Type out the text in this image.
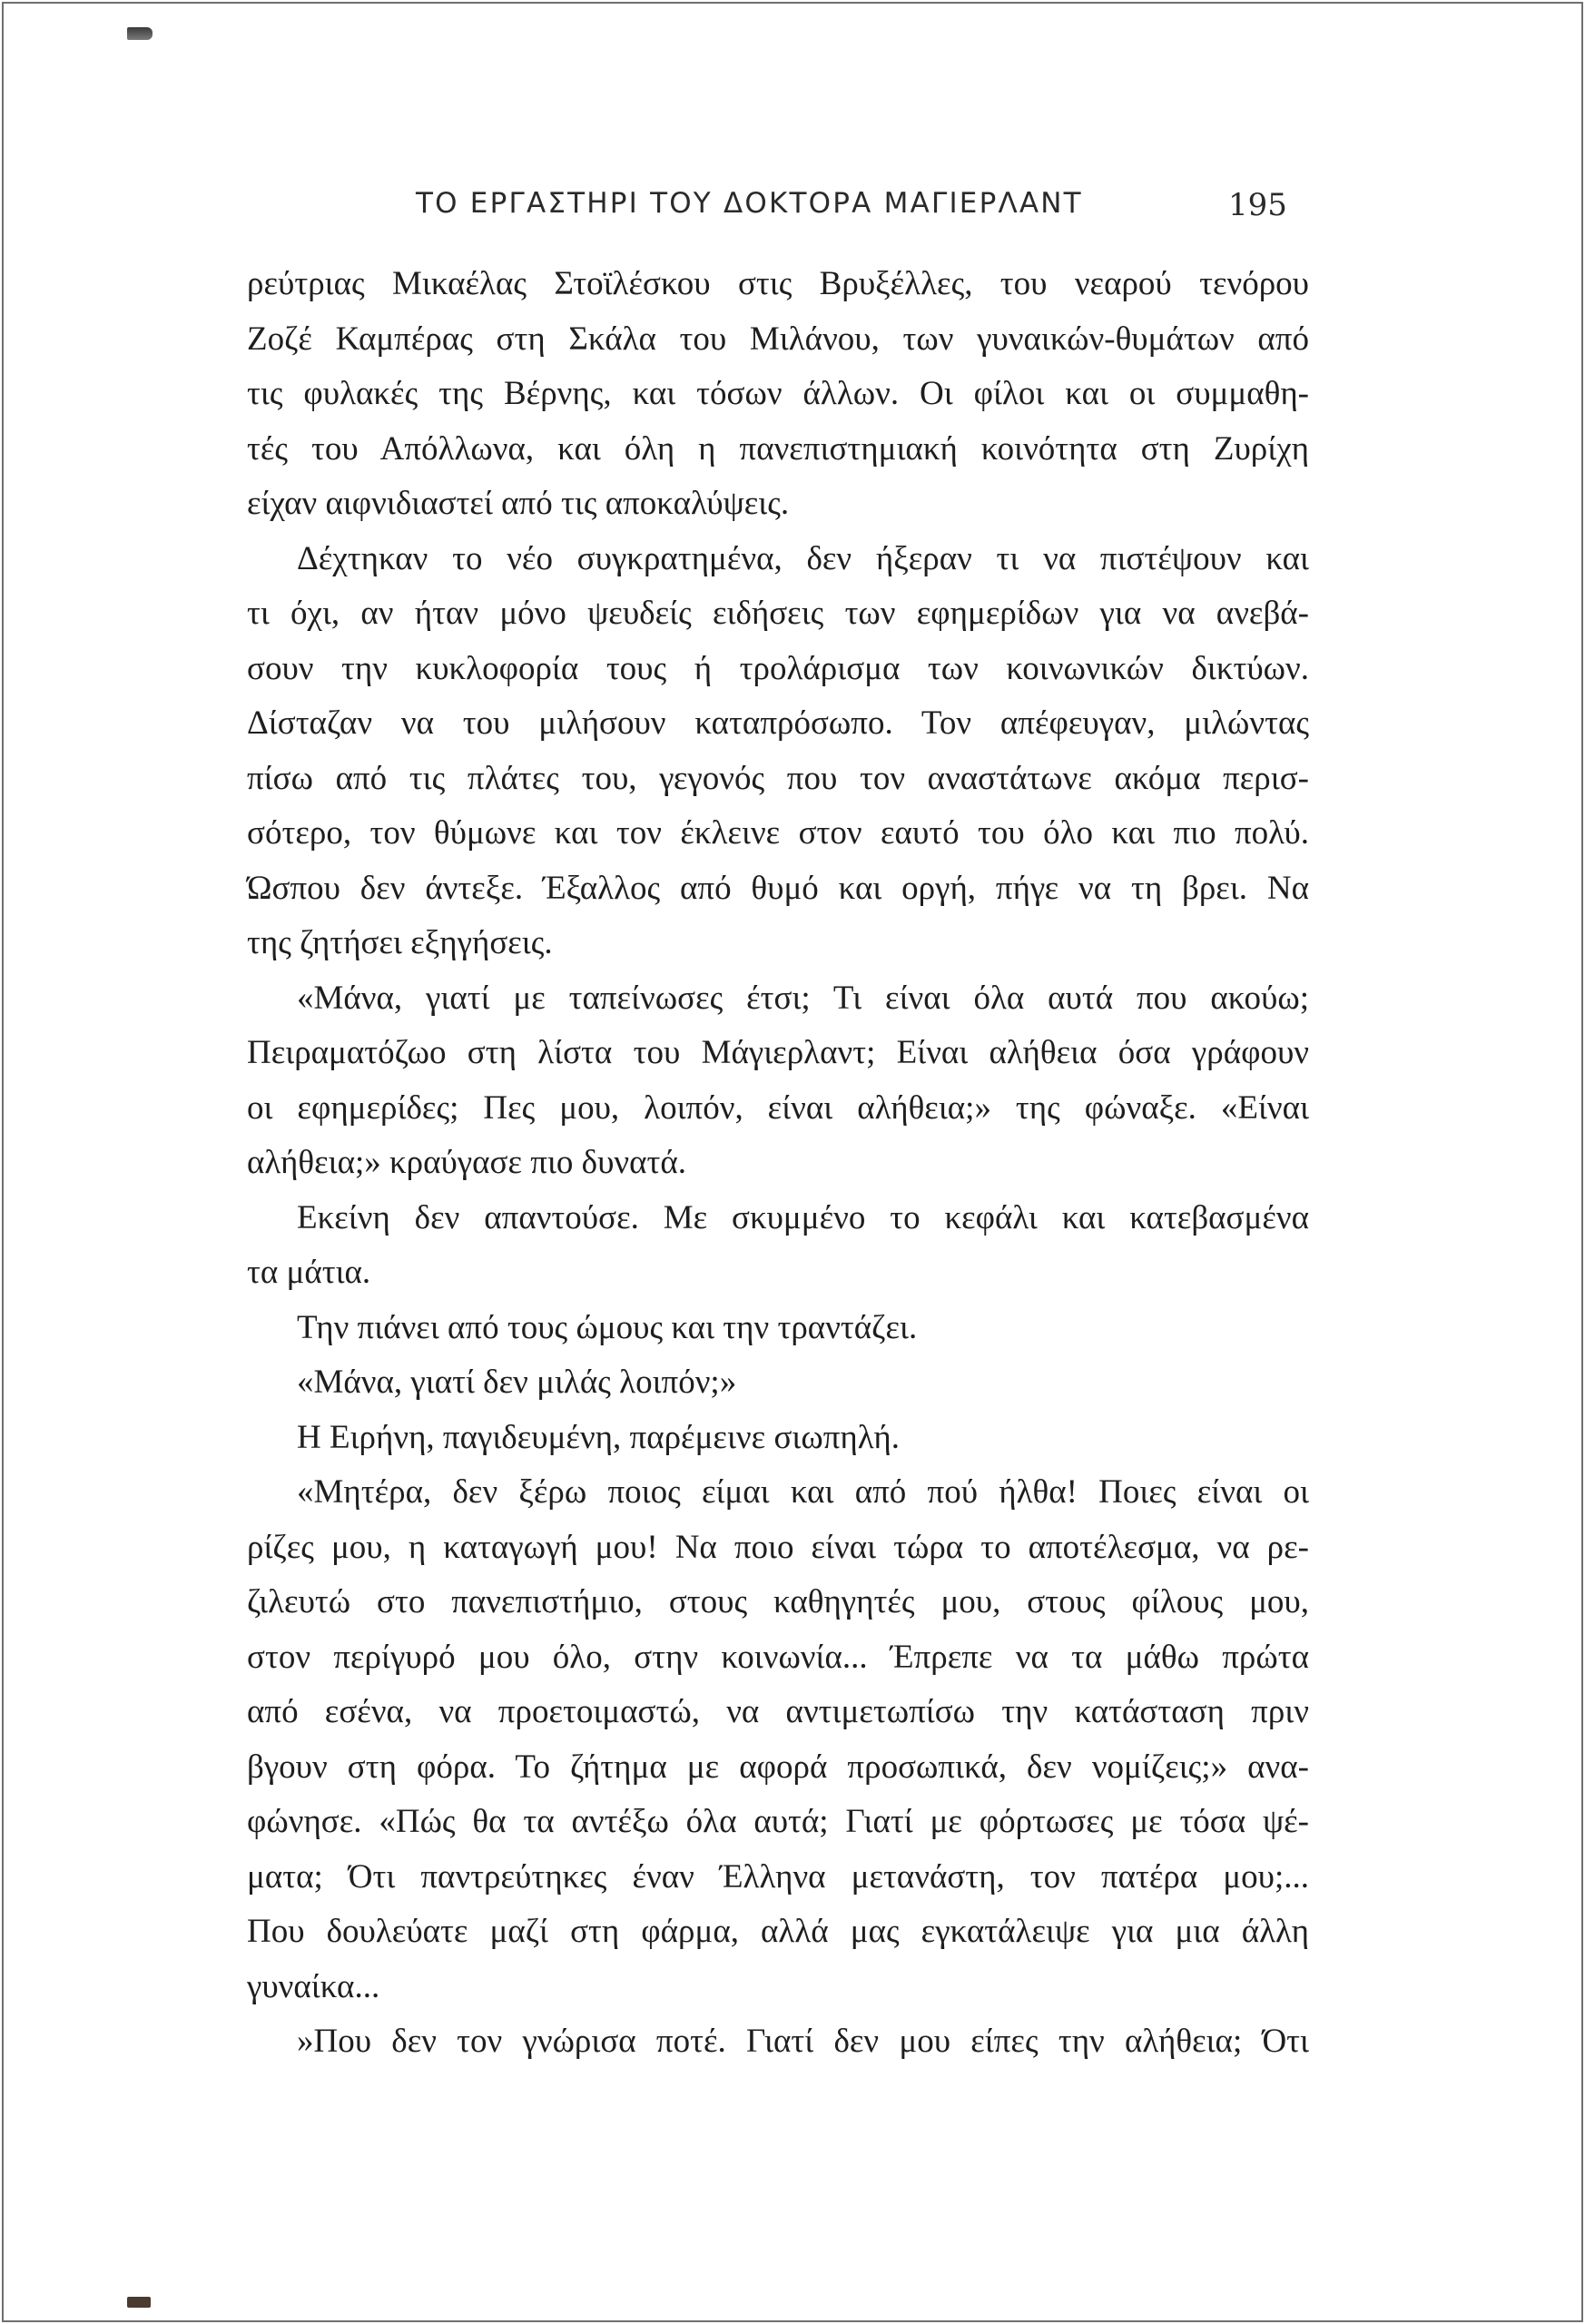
ΤΟ ΕΡΓΑΣΤΗΡΙ ΤΟΥ ΔΟΚΤΟΡΑ ΜΑΓΙΕΡΛΑΝΤ	195
ρεύτριας Μικαέλας Στοϊλέσκου στις Βρυξέλλες, του νεαρού τενόρου
Ζοζέ Καμπέρας στη Σκάλα του Μιλάνου, των γυναικών-θυμάτων από
τις φυλακές της Βέρνης, και τόσων άλλων. Οι φίλοι και οι συμμαθη-
τές του Απόλλωνα, και όλη η πανεπιστημιακή κοινότητα στη Ζυρίχη
είχαν αιφνιδιαστεί από τις αποκαλύψεις.
Δέχτηκαν το νέο συγκρατημένα, δεν ήξεραν τι να πιστέψουν και
τι όχι, αν ήταν μόνο ψευδείς ειδήσεις των εφημερίδων για να ανεβά-
σουν την κυκλοφορία τους ή τρολάρισμα των κοινωνικών δικτύων.
Δίσταζαν να του μιλήσουν καταπρόσωπο. Τον απέφευγαν, μιλώντας
πίσω από τις πλάτες του, γεγονός που τον αναστάτωνε ακόμα περισ-
σότερο, τον θύμωνε και τον έκλεινε στον εαυτό του όλο και πιο πολύ.
Ώσπου δεν άντεξε. Έξαλλος από θυμό και οργή, πήγε να τη βρει. Να
της ζητήσει εξηγήσεις.
«Μάνα, γιατί με ταπείνωσες έτσι; Τι είναι όλα αυτά που ακούω;
Πειραματόζωο στη λίστα του Μάγιερλαντ; Είναι αλήθεια όσα γράφουν
οι εφημερίδες; Πες μου, λοιπόν, είναι αλήθεια;» της φώναξε. «Είναι
αλήθεια;» κραύγασε πιο δυνατά.
Εκείνη δεν απαντούσε. Με σκυμμένο το κεφάλι και κατεβασμένα
τα μάτια.
Την πιάνει από τους ώμους και την τραντάζει.
«Μάνα, γιατί δεν μιλάς λοιπόν;»
Η Ειρήνη, παγιδευμένη, παρέμεινε σιωπηλή.
«Μητέρα, δεν ξέρω ποιος είμαι και από πού ήλθα! Ποιες είναι οι
ρίζες μου, η καταγωγή μου! Να ποιο είναι τώρα το αποτέλεσμα, να ρε-
ζιλευτώ στο πανεπιστήμιο, στους καθηγητές μου, στους φίλους μου,
στον περίγυρό μου όλο, στην κοινωνία... Έπρεπε να τα μάθω πρώτα
από εσένα, να προετοιμαστώ, να αντιμετωπίσω την κατάσταση πριν
βγουν στη φόρα. Το ζήτημα με αφορά προσωπικά, δεν νομίζεις;» ανα-
φώνησε. «Πώς θα τα αντέξω όλα αυτά; Γιατί με φόρτωσες με τόσα ψέ-
ματα; Ότι παντρεύτηκες έναν Έλληνα μετανάστη, τον πατέρα μου;...
Που δουλεύατε μαζί στη φάρμα, αλλά μας εγκατάλειψε για μια άλλη
γυναίκα...
»Που δεν τον γνώρισα ποτέ. Γιατί δεν μου είπες την αλήθεια; Ότι
